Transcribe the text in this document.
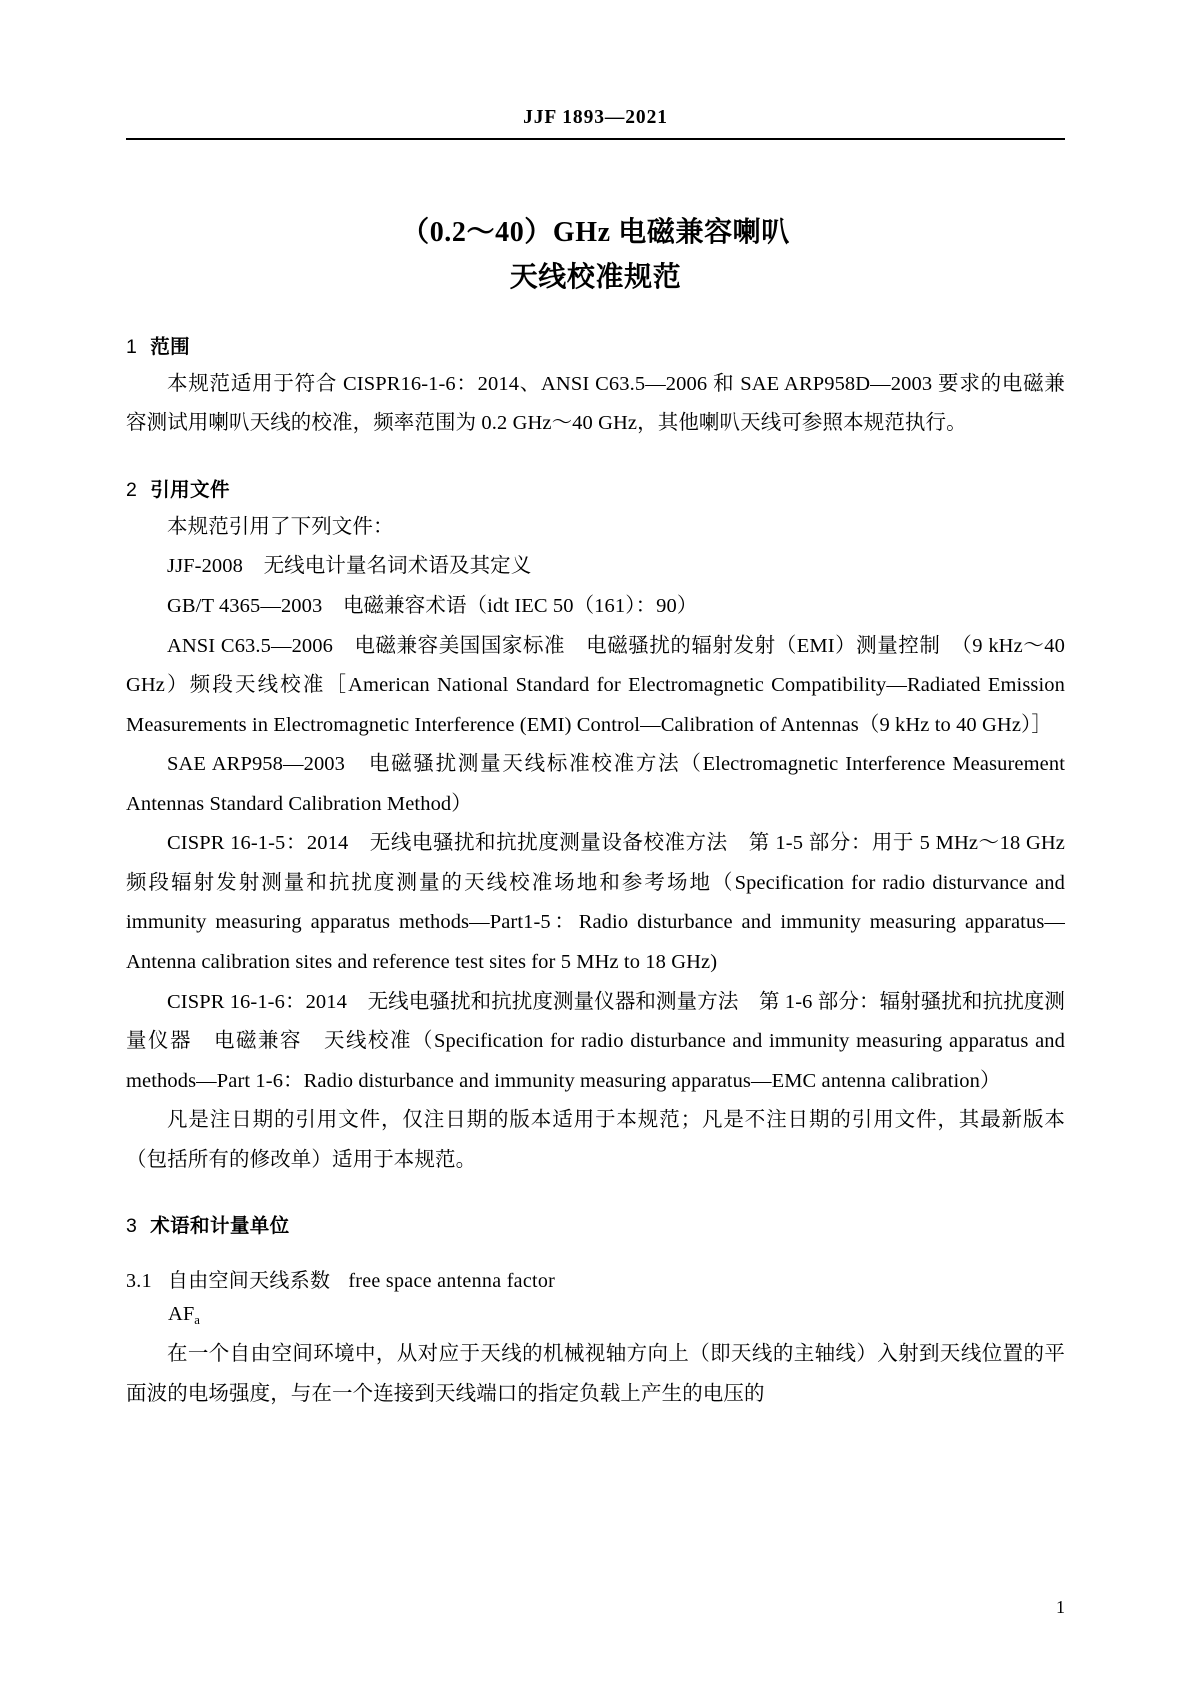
JJF 1893—2021
（0.2～40）GHz 电磁兼容喇叭
天线校准规范
1 范围

本规范适用于符合 CISPR16-1-6：2014、ANSI C63.5—2006 和 SAE ARP958D—2003 要求的电磁兼容测试用喇叭天线的校准，频率范围为 0.2 GHz～40 GHz，其他喇叭天线可参照本规范执行。

2 引用文件

本规范引用了下列文件：

JJF-2008　无线电计量名词术语及其定义

GB/T 4365—2003　电磁兼容术语（idt IEC 50（161）：90）

ANSI C63.5—2006　电磁兼容美国国家标准　电磁骚扰的辐射发射（EMI）测量控制　（9 kHz～40 GHz）频段天线校准［American National Standard for Electromagnetic Compatibility—Radiated Emission Measurements in Electromagnetic Interference (EMI) Control—Calibration of Antennas（9 kHz to 40 GHz）］

SAE ARP958—2003　电磁骚扰测量天线标准校准方法（Electromagnetic Interference Measurement Antennas Standard Calibration Method）

CISPR 16-1-5：2014　无线电骚扰和抗扰度测量设备校准方法　第 1-5 部分：用于 5 MHz～18 GHz 频段辐射发射测量和抗扰度测量的天线校准场地和参考场地（Specification for radio disturvance and immunity measuring apparatus methods—Part1-5：Radio disturbance and immunity measuring apparatus—Antenna calibration sites and reference test sites for 5 MHz to 18 GHz)

CISPR 16-1-6：2014　无线电骚扰和抗扰度测量仪器和测量方法　第 1-6 部分：辐射骚扰和抗扰度测量仪器　电磁兼容　天线校准（Specification for radio disturbance and immunity measuring apparatus and methods—Part 1-6：Radio disturbance and immunity measuring apparatus—EMC antenna calibration）

凡是注日期的引用文件，仅注日期的版本适用于本规范；凡是不注日期的引用文件，其最新版本（包括所有的修改单）适用于本规范。

3 术语和计量单位
3.1 自由空间天线系数 free space antenna factor

$AF_a$

在一个自由空间环境中，从对应于天线的机械视轴方向上（即天线的主轴线）入射到天线位置的平面波的电场强度，与在一个连接到天线端口的指定负载上产生的电压的

1
